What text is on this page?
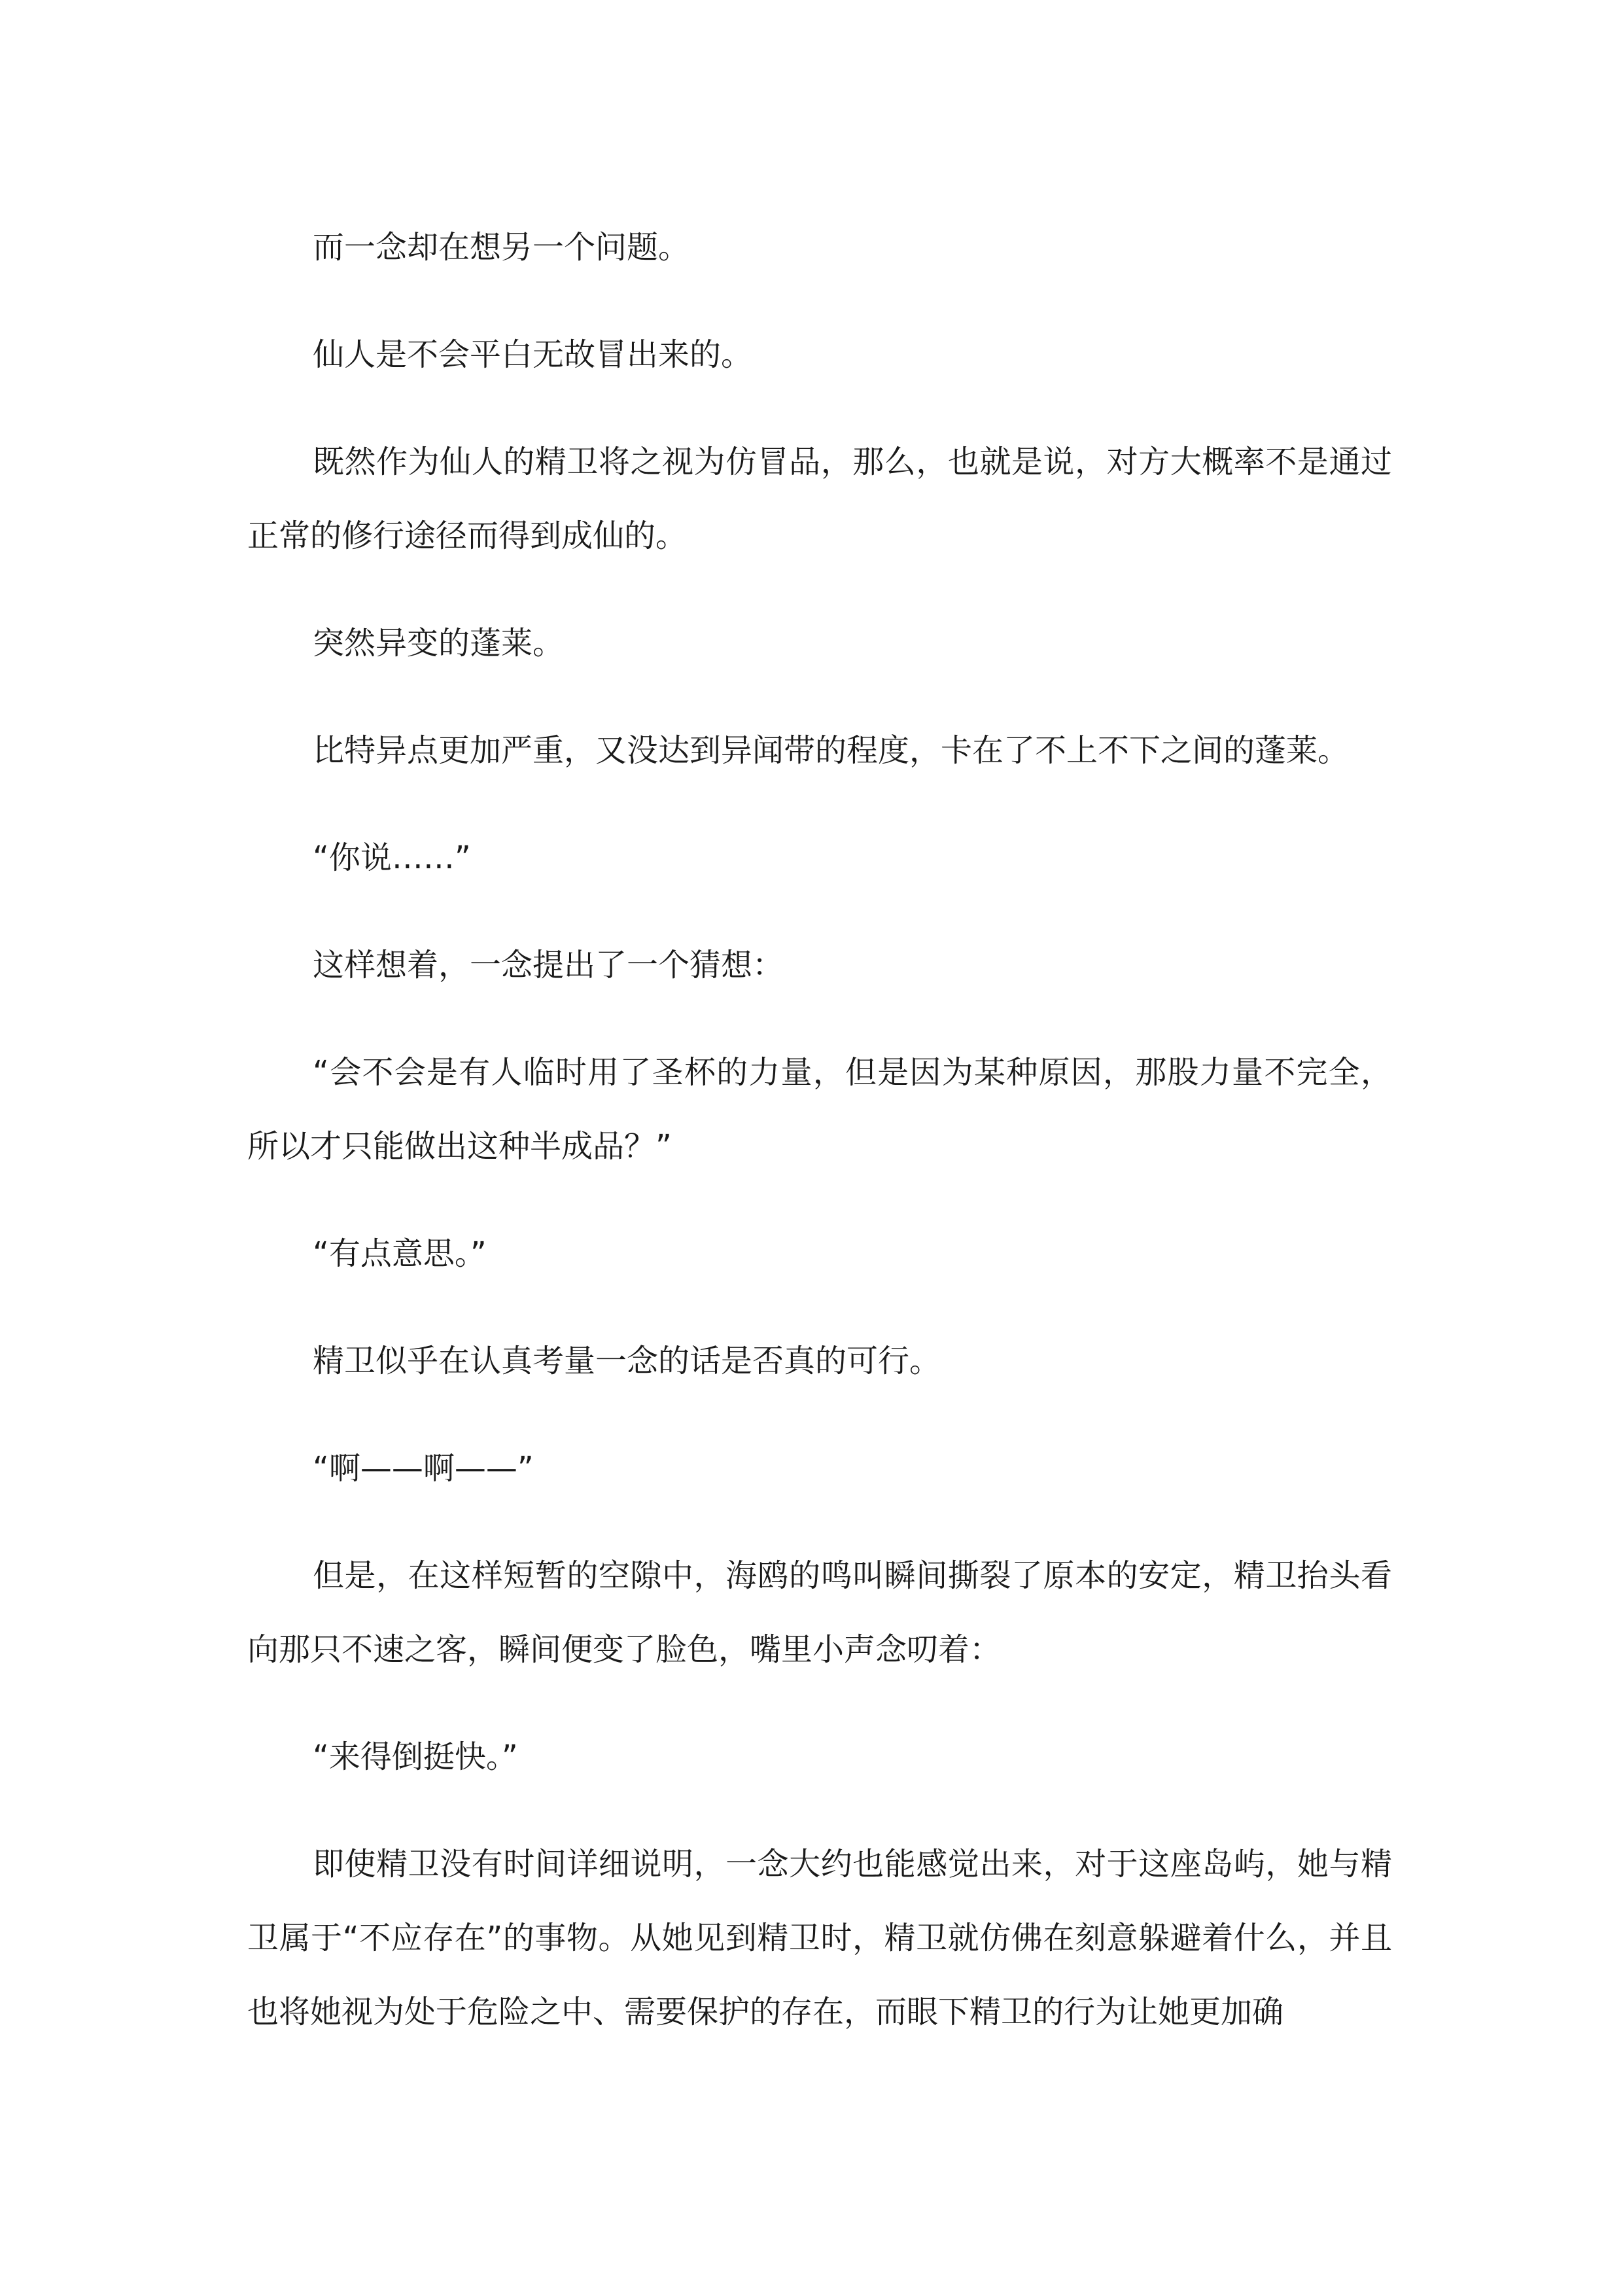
而一念却在想另一个问题。

仙人是不会平白无故冒出来的。

既然作为仙人的精卫将之视为仿冒品，那么，也就是说，对方大概率不是通过正常的修行途径而得到成仙的。

突然异变的蓬莱。

比特异点更加严重，又没达到异闻带的程度，卡在了不上不下之间的蓬莱。

“你说……”

这样想着，一念提出了一个猜想：

“会不会是有人临时用了圣杯的力量，但是因为某种原因，那股力量不完全，所以才只能做出这种半成品？”

“有点意思。”

精卫似乎在认真考量一念的话是否真的可行。

“啊——啊——”

但是，在这样短暂的空隙中，海鸥的鸣叫瞬间撕裂了原本的安定，精卫抬头看向那只不速之客，瞬间便变了脸色，嘴里小声念叨着：

“来得倒挺快。”

即使精卫没有时间详细说明，一念大约也能感觉出来，对于这座岛屿，她与精卫属于“不应存在”的事物。从她见到精卫时，精卫就仿佛在刻意躲避着什么，并且也将她视为处于危险之中、需要保护的存在，而眼下精卫的行为让她更加确
